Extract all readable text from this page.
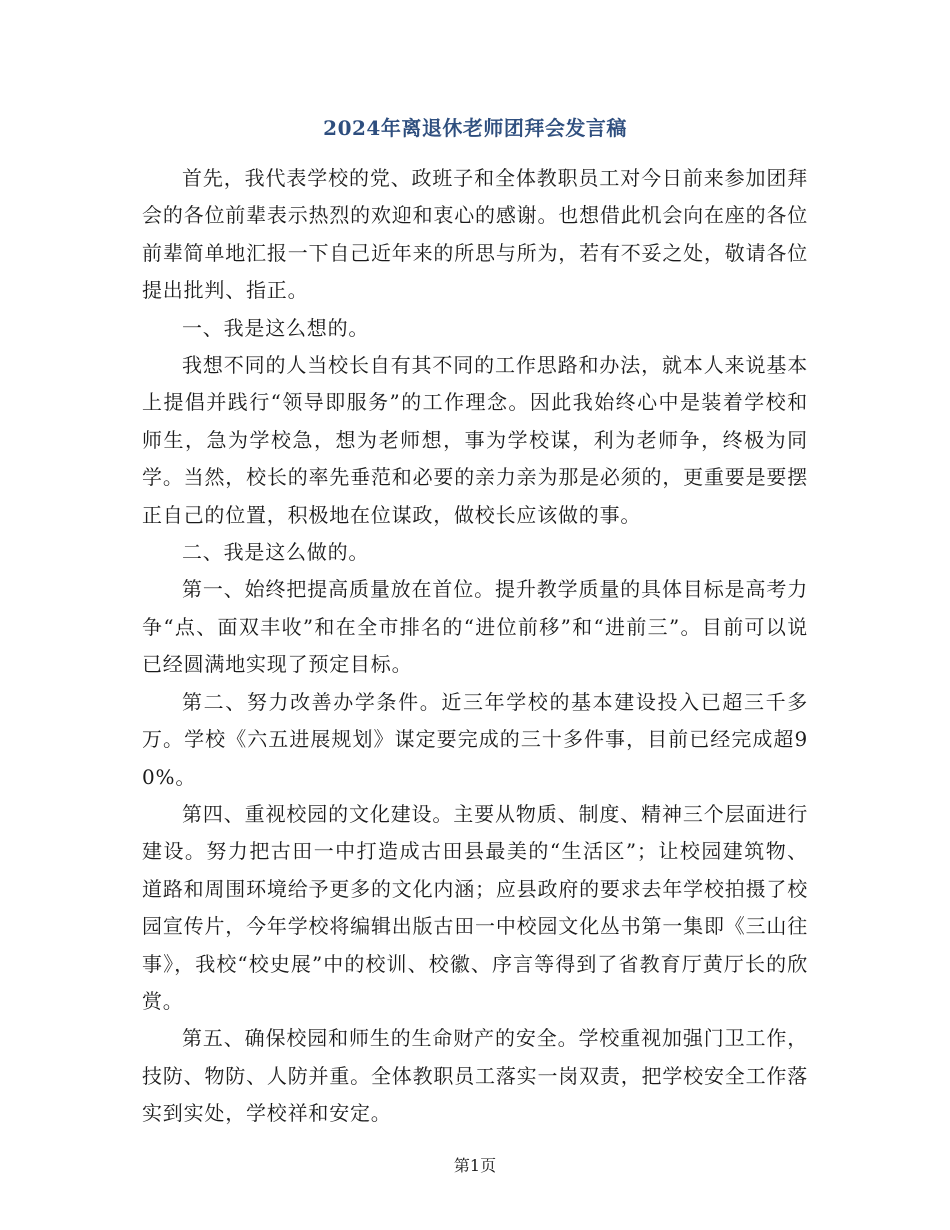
2024年离退休老师团拜会发言稿

首先，我代表学校的党、政班子和全体教职员工对今日前来参加团拜会的各位前辈表示热烈的欢迎和衷心的感谢。也想借此机会向在座的各位前辈简单地汇报一下自己近年来的所思与所为，若有不妥之处，敬请各位提出批判、指正。

一、我是这么想的。

我想不同的人当校长自有其不同的工作思路和办法，就本人来说基本上提倡并践行“领导即服务”的工作理念。因此我始终心中是装着学校和师生，急为学校急，想为老师想，事为学校谋，利为老师争，终极为同学。当然，校长的率先垂范和必要的亲力亲为那是必须的，更重要是要摆正自己的位置，积极地在位谋政，做校长应该做的事。

二、我是这么做的。

第一、始终把提高质量放在首位。提升教学质量的具体目标是高考力争“点、面双丰收”和在全市排名的“进位前移”和“进前三”。目前可以说已经圆满地实现了预定目标。

第二、努力改善办学条件。近三年学校的基本建设投入已超三千多万。学校《六五进展规划》谋定要完成的三十多件事，目前已经完成超90%。

第四、重视校园的文化建设。主要从物质、制度、精神三个层面进行建设。努力把古田一中打造成古田县最美的“生活区”；让校园建筑物、道路和周围环境给予更多的文化内涵；应县政府的要求去年学校拍摄了校园宣传片，今年学校将编辑出版古田一中校园文化丛书第一集即《三山往事》，我校“校史展”中的校训、校徽、序言等得到了省教育厅黄厅长的欣赏。

第五、确保校园和师生的生命财产的安全。学校重视加强门卫工作，技防、物防、人防并重。全体教职员工落实一岗双责，把学校安全工作落实到实处，学校祥和安定。

第1页
